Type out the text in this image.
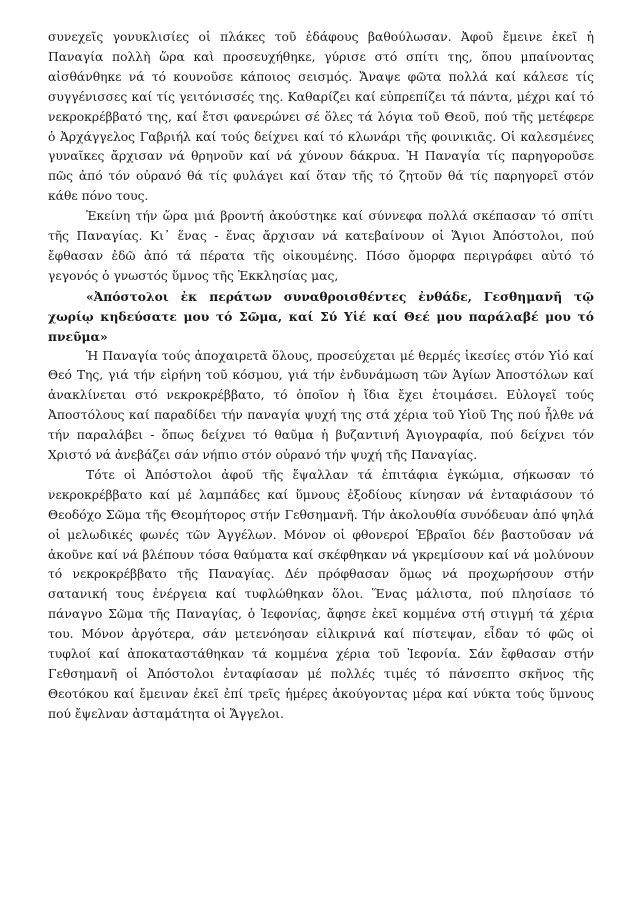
συνεχεῖς γονυκλισίες οἱ πλάκες τοῦ ἐδάφους βαθούλωσαν. Ἀφοῦ ἔμεινε ἐκεῖ ἡ Παναγία πολλὴ ὥρα καὶ προσευχήθηκε, γύρισε στό σπίτι της, ὅπου μπαίνοντας αἰσθάνθηκε νά τό κουνοῦσε κάποιος σεισμός. Ἄναψε φῶτα πολλά καί κάλεσε τίς συγγένισσες καί τίς γειτόνισσές της. Καθαρίζει καί εὐπρεπίζει τά πάντα, μέχρι καί τό νεκροκρέββατό της, καί ἔτσι φανερώνει σέ ὅλες τά λόγια τοῦ Θεοῦ, πού τῆς μετέφερε ὁ Ἀρχάγγελος Γαβριήλ καί τούς δείχνει καί τό κλωνάρι τῆς φοινικιᾶς. Οἱ καλεσμένες γυναῖκες ἄρχισαν νά θρηνοῦν καί νά χύνουν δάκρυα. Ἡ Παναγία τίς παρηγοροῦσε πῶς ἀπό τόν οὐρανό θά τίς φυλάγει καί ὅταν τῆς τό ζητοῦν θά τίς παρηγορεῖ στόν κάθε πόνο τους.

Ἐκείνη τήν ὥρα μιά βροντή ἀκούστηκε καί σύννεφα πολλά σκέπασαν τό σπίτι τῆς Παναγίας. Κι᾽ ἕνας - ἕνας ἄρχισαν νά κατεβαίνουν οἱ Ἅγιοι Ἀπόστολοι, πού ἔφθασαν ἐδῶ ἀπό τά πέρατα τῆς οἰκουμένης. Πόσο ὄμορφα περιγράφει αὐτό τό γεγονός ὁ γνωστός ὕμνος τῆς Ἐκκλησίας μας,

«Ἀπόστολοι ἐκ περάτων συναθροισθέντες ἐνθάδε, Γεσθημανῆ τῷ χωρίῳ κηδεύσατε μου τό Σῶμα, καί Σύ Υἱέ καί Θεέ μου παράλαβέ μου τό πνεῦμα»

Ἡ Παναγία τούς ἀποχαιρετᾶ ὅλους, προσεύχεται μέ θερμές ἱκεσίες στόν Υἱό καί Θεό Της, γιά τήν εἰρήνη τοῦ κόσμου, γιά τήν ἐνδυνάμωση τῶν Ἁγίων Ἀποστόλων καί ἀνακλίνεται στό νεκροκρέββατο, τό ὁποῖον ἡ ἴδια ἔχει ἑτοιμάσει. Εὐλογεῖ τούς Ἀποστόλους καί παραδίδει τήν παναγία ψυχή της στά χέρια τοῦ Υἱοῦ Της πού ἦλθε νά τήν παραλάβει - ὅπως δείχνει τό θαῦμα ἡ βυζαντινή Ἁγιογραφία, πού δείχνει τόν Χριστό νά ἀνεβάζει σάν νήπιο στόν οὐρανό τήν ψυχή τῆς Παναγίας.

Τότε οἱ Ἀπόστολοι ἀφοῦ τῆς ἔψαλλαν τά ἐπιτάφια ἐγκώμια, σήκωσαν τό νεκροκρέββατο καί μέ λαμπάδες καί ὕμνους ἐξοδίους κίνησαν νά ἐνταφιάσουν τό Θεοδόχο Σῶμα τῆς Θεομήτορος στήν Γεθσημανῆ. Τήν ἀκολουθία συνόδευαν ἀπό ψηλά οἱ μελωδικές φωνές τῶν Ἀγγέλων. Μόνον οἱ φθονεροί Ἑβραῖοι δέν βαστοῦσαν νά ἀκοῦνε καί νά βλέπουν τόσα θαύματα καί σκέφθηκαν νά γκρεμίσουν καί νά μολύνουν τό νεκροκρέββατο τῆς Παναγίας. Δέν πρόφθασαν ὅμως νά προχωρήσουν στήν σατανική τους ἐνέργεια καί τυφλώθηκαν ὅλοι. Ἕνας μάλιστα, πού πλησίασε τό πάναγνο Σῶμα τῆς Παναγίας, ὁ Ἰεφονίας, ἄφησε ἐκεῖ κομμένα στή στιγμή τά χέρια του. Μόνον ἀργότερα, σάν μετενόησαν εἰλικρινά καί πίστεψαν, εἶδαν τό φῶς οἱ τυφλοί καί ἀποκαταστάθηκαν τά κομμένα χέρια τοῦ Ἰεφονία. Σάν ἔφθασαν στήν Γεθσημανῆ οἱ Ἀπόστολοι ἐνταφίασαν μέ πολλές τιμές τό πάνσεπτο σκῆνος τῆς Θεοτόκου καί ἔμειναν ἐκεῖ ἐπί τρεῖς ἡμέρες ἀκούγοντας μέρα καί νύκτα τούς ὕμνους πού ἔψελναν ἀσταμάτητα οἱ Ἄγγελοι.
